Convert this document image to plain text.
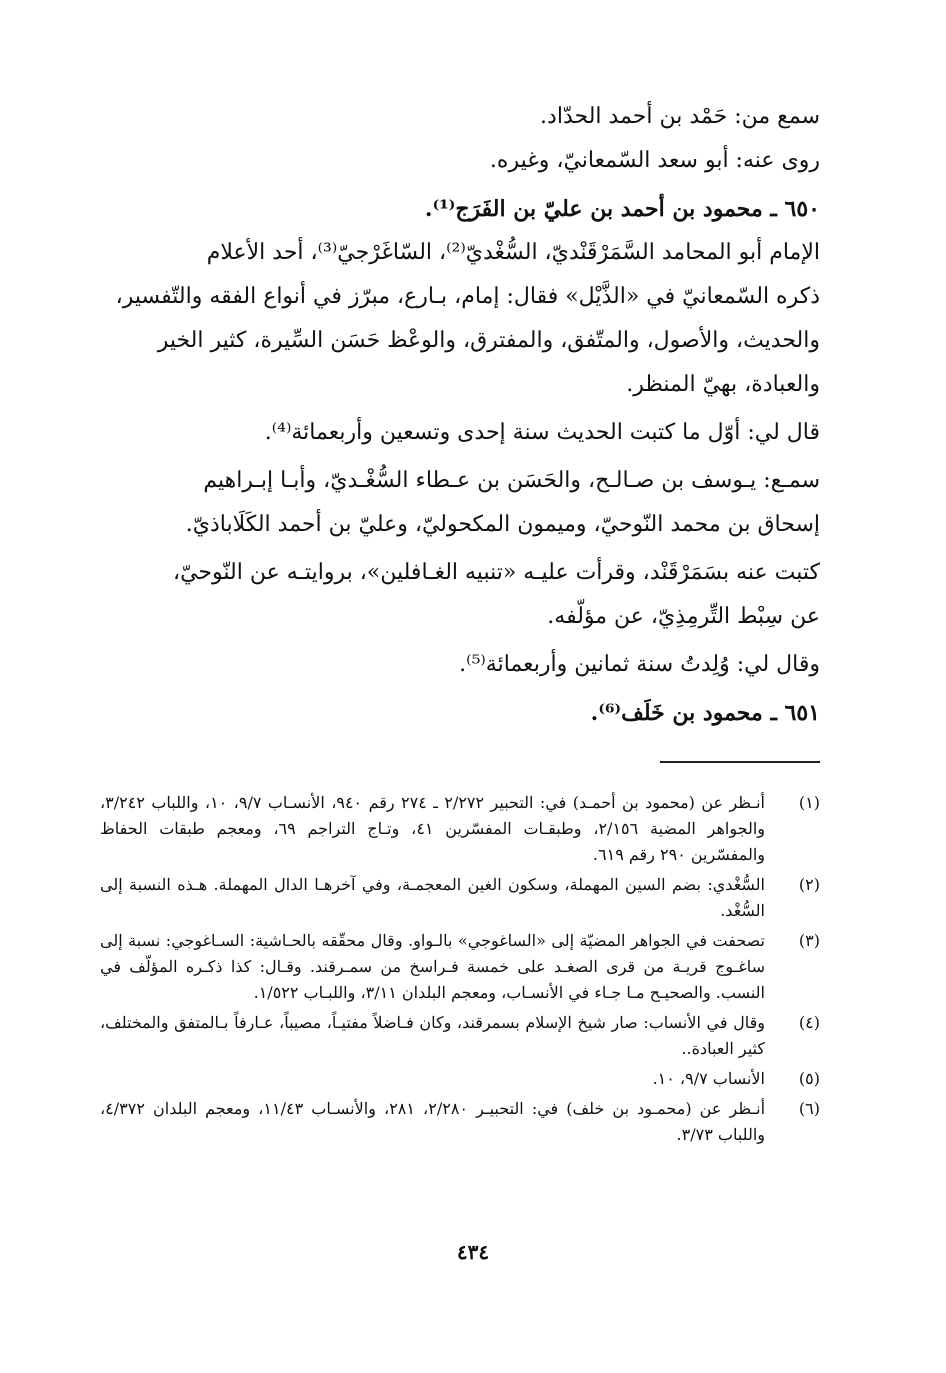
سمع من: حَمْد بن أحمد الحدّاد.

روى عنه: أبو سعد السّمعانيّ، وغيره.

٦٥٠ ـ محمود بن أحمد بن عليّ بن الفَرَج⁽¹⁾.

الإمام أبو المحامد السَّمَرْقَنْديّ، السُّغْديّ⁽²⁾، السّاغَرْجيّ⁽³⁾، أحد الأعلام

ذكره السّمعانيّ في «الذَّيْل» فقال: إمام، بـارع، مبرّز في أنواع الفقه والتّفسير،

والحديث، والأصول، والمتّفق، والمفترق، والوعْظ حَسَن السِّيرة، كثير الخير

والعبادة، بهيّ المنظر.

قال لي: أوّل ما كتبت الحديث سنة إحدى وتسعين وأربعمائة⁽⁴⁾.

سمـع: يـوسف بن صـالـح، والحَسَن بن عـطاء السُّغْـديّ، وأبـا إبـراهيم

إسحاق بن محمد النّوحيّ، وميمون المكحوليّ، وعليّ بن أحمد الكَلَاباذيّ.

كتبت عنه بسَمَرْقَنْد، وقرأت عليـه «تنبيه الغـافلين»، بروايتـه عن النّوحيّ،

عن سِبْط التِّرمِذِيّ، عن مؤلّفه.

وقال لي: وُلِدتُ سنة ثمانين وأربعمائة⁽⁵⁾.

٦٥١ ـ محمود بن خَلَف⁽⁶⁾.

(١)
أنـظر عن (محمود بن أحمـد) في: التحبير ٢/٢٧٢ ـ ٢٧٤ رقم ٩٤٠، الأنسـاب ٩/٧، ١٠، واللباب ٣/٢٤٢، والجواهر المضية ٢/١٥٦، وطبقـات المفسّرين ٤١، وتـاج التراجم ٦٩، ومعجم طبقات الحفاظ والمفسّرين ٢٩٠ رقم ٦١٩.
(٢)
السُّغْدي: بضم السين المهملة، وسكون الغين المعجمـة، وفي آخرهـا الدال المهملة. هـذه النسبة إلى السُّغْد.
(٣)
تصحفت في الجواهر المضيّة إلى «الساغوجي» بالـواو. وقال محقّقه بالحـاشية: السـاغوجي: نسبة إلى ساغـوج قريـة من قرى الصغـد على خمسة فـراسخ من سمـرقند. وقـال: كذا ذكـره المؤلّف في النسب. والصحيـح مـا جـاء في الأنسـاب، ومعجم البلدان ٣/١١، واللبـاب ١/٥٢٢.
(٤)
وقال في الأنساب: صار شيخ الإسلام بسمرقند، وكان فـاضلاً مفتيـاً، مصيباً، عـارفاً بـالمتفق والمختلف، كثير العبادة..
(٥)
الأنساب ٩/٧، ١٠.
(٦)
أنـظر عن (محمـود بن خلف) في: التحبيـر ٢/٢٨٠، ٢٨١، والأنسـاب ١١/٤٣، ومعجم البلدان ٤/٣٧٢، واللباب ٣/٧٣.
٤٣٤
